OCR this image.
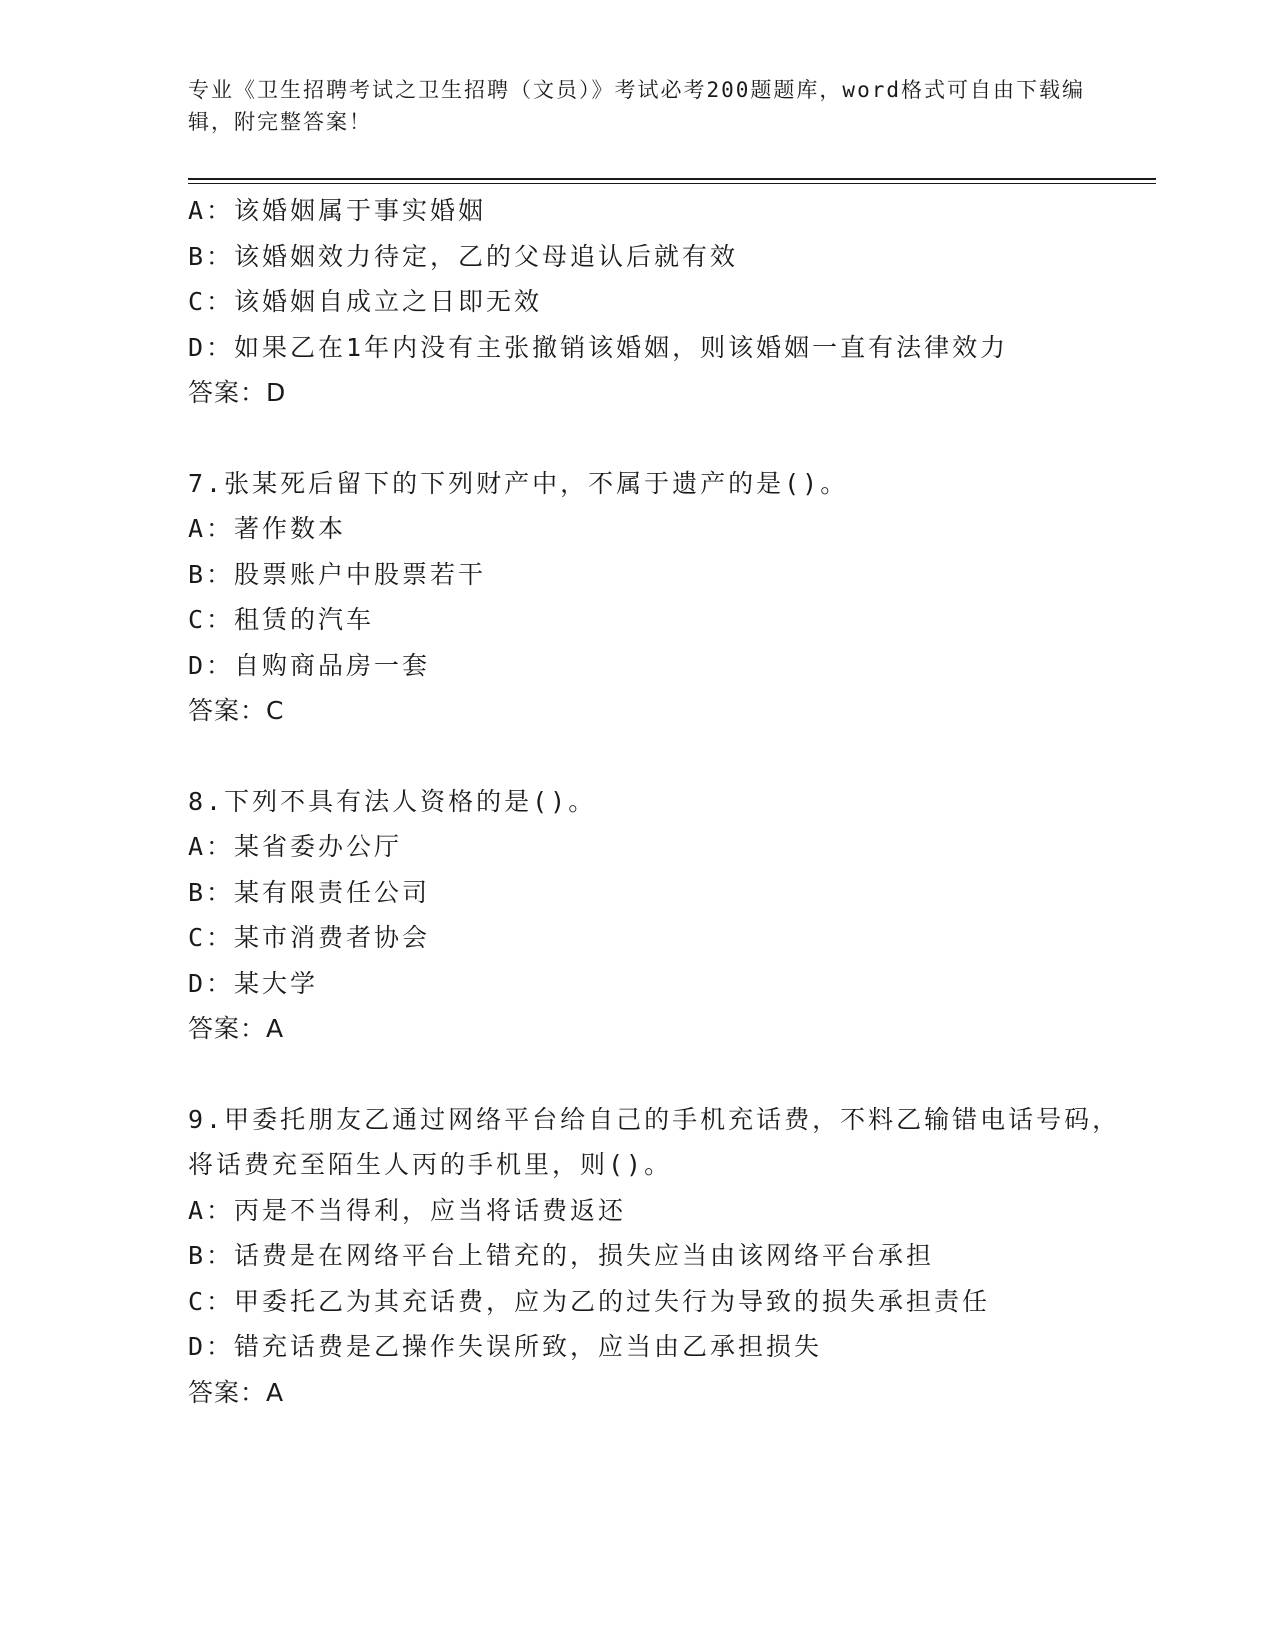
专业《卫生招聘考试之卫生招聘（文员）》考试必考200题题库，word格式可自由下载编辑，附完整答案！
A：该婚姻属于事实婚姻
B：该婚姻效力待定，乙的父母追认后就有效
C：该婚姻自成立之日即无效
D：如果乙在1年内没有主张撤销该婚姻，则该婚姻一直有法律效力
答案：D
7.张某死后留下的下列财产中，不属于遗产的是()。
A：著作数本
B：股票账户中股票若干
C：租赁的汽车
D：自购商品房一套
答案：C
8.下列不具有法人资格的是()。
A：某省委办公厅
B：某有限责任公司
C：某市消费者协会
D：某大学
答案：A
9.甲委托朋友乙通过网络平台给自己的手机充话费，不料乙输错电话号码，将话费充至陌生人丙的手机里，则()。
A：丙是不当得利，应当将话费返还
B：话费是在网络平台上错充的，损失应当由该网络平台承担
C：甲委托乙为其充话费，应为乙的过失行为导致的损失承担责任
D：错充话费是乙操作失误所致，应当由乙承担损失
答案：A
